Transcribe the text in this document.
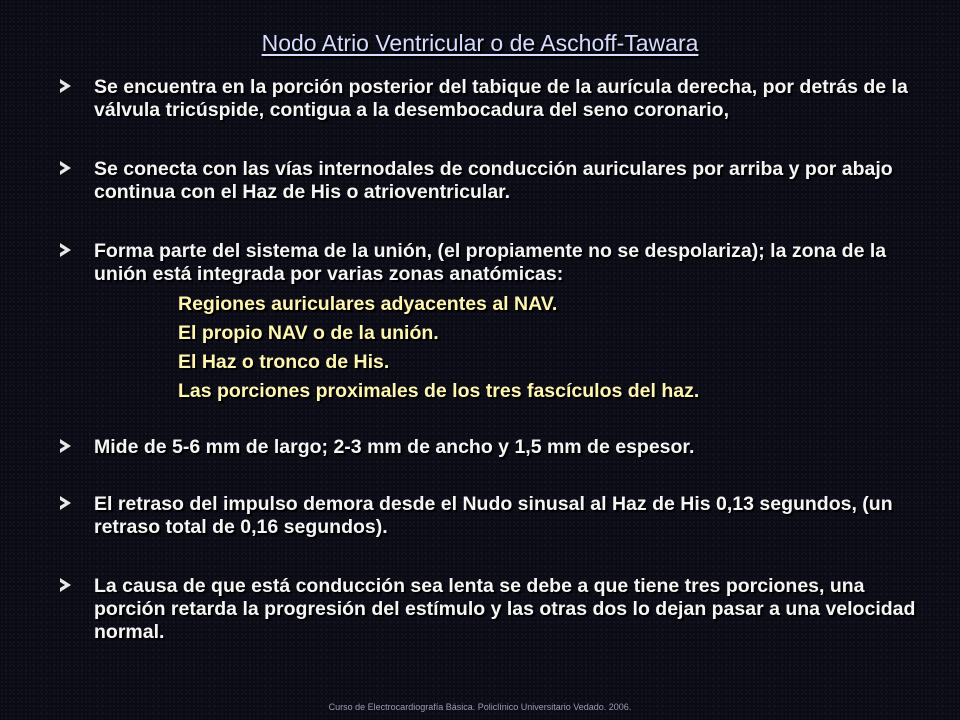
Nodo Atrio Ventricular o de Aschoff-Tawara
Se encuentra en la porción posterior del tabique de la aurícula derecha, por detrás de la válvula tricúspide, contigua a la desembocadura del seno coronario,
Se conecta con las vías internodales de conducción auriculares por arriba y por abajo continua con el Haz de His o atrioventricular.
Forma parte del sistema de la unión, (el propiamente no se despolariza); la zona de la unión está integrada por varias zonas anatómicas:
Regiones auriculares adyacentes al NAV.
El propio NAV o de la unión.
El Haz o tronco de His.
Las porciones proximales de los tres fascículos del haz.
Mide de 5-6 mm de largo; 2-3 mm de ancho y 1,5 mm de espesor.
El retraso del impulso demora desde el Nudo sinusal al Haz de His 0,13 segundos, (un retraso total de 0,16 segundos).
La causa de que está conducción sea lenta se debe a que tiene tres porciones, una porción retarda la progresión del estímulo y las otras dos lo dejan pasar a una velocidad normal.
Curso de Electrocardiografía Básica. Policlínico Universitario Vedado. 2006.
